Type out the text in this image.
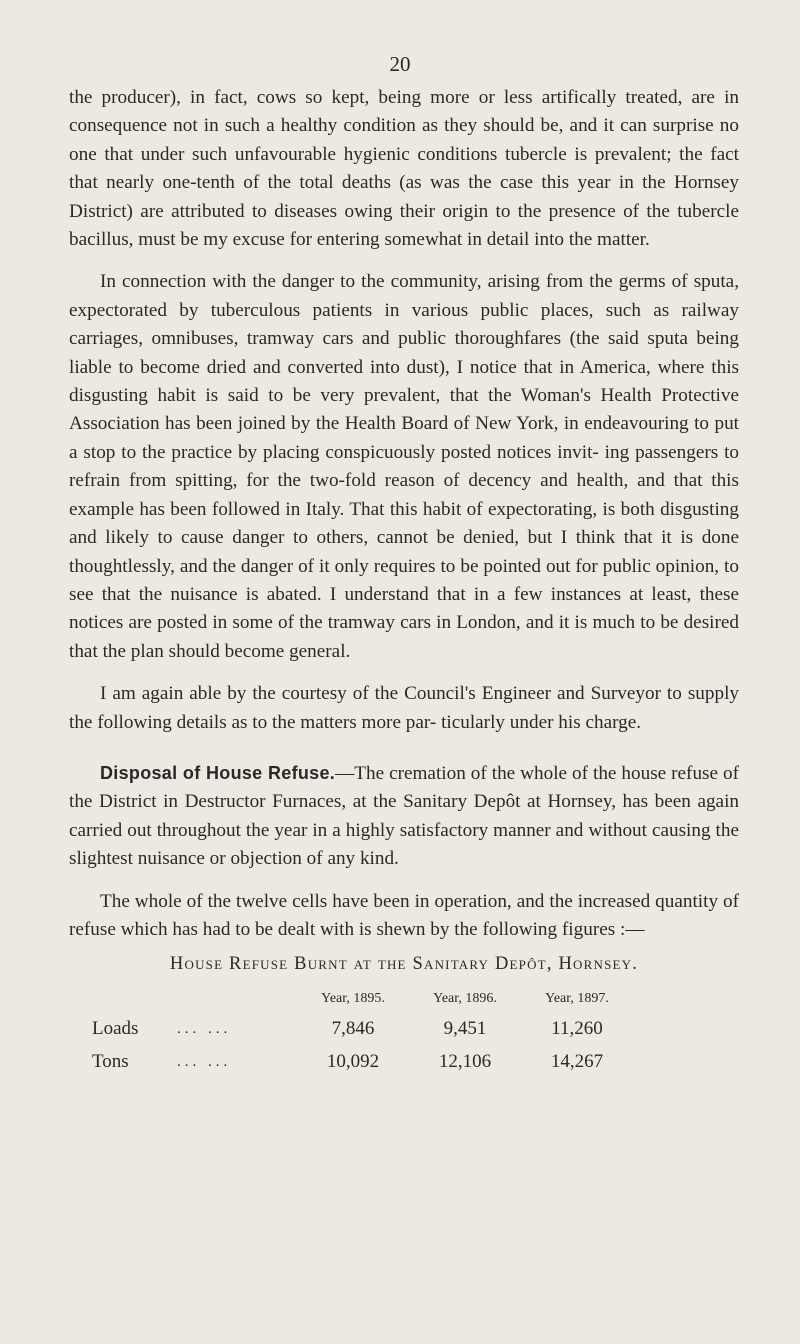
20

the producer), in fact, cows so kept, being more or less artifically treated, are in consequence not in such a healthy condition as they should be, and it can surprise no one that under such unfavourable hygienic conditions tubercle is prevalent; the fact that nearly one-tenth of the total deaths (as was the case this year in the Hornsey District) are attributed to diseases owing their origin to the presence of the tubercle bacillus, must be my excuse for entering somewhat in detail into the matter.

In connection with the danger to the community, arising from the germs of sputa, expectorated by tuberculous patients in various public places, such as railway carriages, omnibuses, tramway cars and public thoroughfares (the said sputa being liable to become dried and converted into dust), I notice that in America, where this disgusting habit is said to be very prevalent, that the Woman's Health Protective Association has been joined by the Health Board of New York, in endeavouring to put a stop to the practice by placing conspicuously posted notices invit- ing passengers to refrain from spitting, for the two-fold reason of decency and health, and that this example has been followed in Italy. That this habit of expectorating, is both disgusting and likely to cause danger to others, cannot be denied, but I think that it is done thoughtlessly, and the danger of it only requires to be pointed out for public opinion, to see that the nuisance is abated. I understand that in a few instances at least, these notices are posted in some of the tramway cars in London, and it is much to be desired that the plan should become general.

I am again able by the courtesy of the Council's Engineer and Surveyor to supply the following details as to the matters more par- ticularly under his charge.

Disposal of House Refuse.—The cremation of the whole of the house refuse of the District in Destructor Furnaces, at the Sanitary Depôt at Hornsey, has been again carried out throughout the year in a highly satisfactory manner and without causing the slightest nuisance or objection of any kind.

The whole of the twelve cells have been in operation, and the increased quantity of refuse which has had to be dealt with is shewn by the following figures :—

House Refuse Burnt at the Sanitary Depôt, Hornsey.
		Year, 1895.	Year, 1896.	Year, 1897.
Loads	... ...	7,846	9,451	11,260
Tons	... ...	10,092	12,106	14,267
